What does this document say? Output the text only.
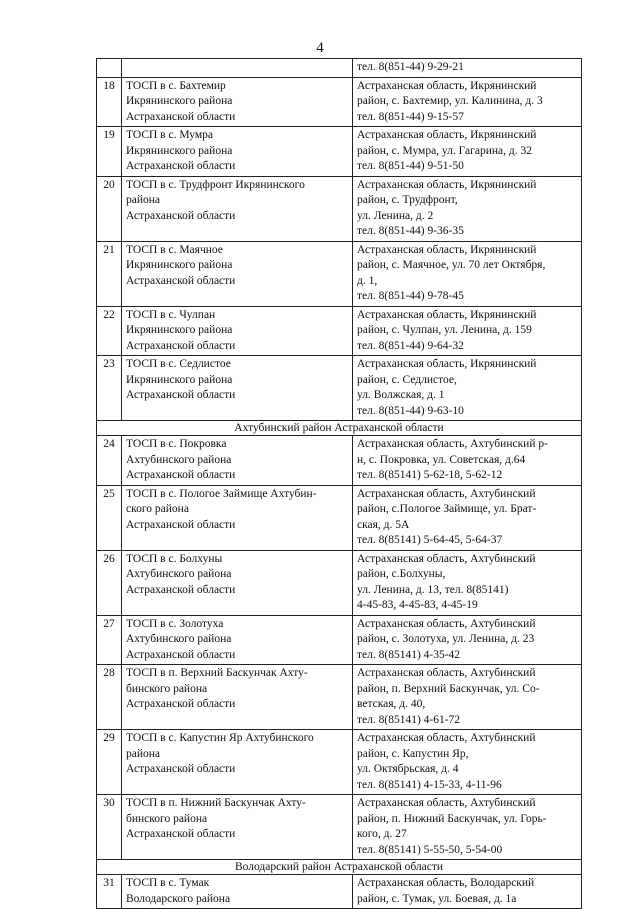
4

		тел. 8(851-44) 9-29-21

18	ТОСП в с. Бахтемир
Икрянинского района
Астраханской области	Астраханская область, Икрянинский
район, с. Бахтемир, ул. Калинина, д. 3
тел. 8(851-44) 9-15-57

19	ТОСП в с. Мумра
Икрянинского района
Астраханской области	Астраханская область, Икрянинский
район, с. Мумра, ул. Гагарина, д. 32
тел. 8(851-44) 9-51-50

20	ТОСП в с. Трудфронт Икрянинского
района
Астраханской области	Астраханская область, Икрянинский
район, с. Трудфронт,
ул. Ленина, д. 2
тел. 8(851-44) 9-36-35

21	ТОСП в с. Маячное
Икрянинского района
Астраханской области	Астраханская область, Икрянинский
район, с. Маячное, ул. 70 лет Октября,
д. 1,
тел. 8(851-44) 9-78-45

22	ТОСП в с. Чулпан
Икрянинского района
Астраханской области	Астраханская область, Икрянинский
район, с. Чулпан, ул. Ленина, д. 159
тел. 8(851-44) 9-64-32

23	ТОСП в с. Седлистое
Икрянинского района
Астраханской области	Астраханская область, Икрянинский
район, с. Седлистое,
ул. Волжская, д. 1
тел. 8(851-44) 9-63-10

Ахтубинский район Астраханской области		
24	ТОСП в с. Покровка
Ахтубинского района
Астраханской области	Астраханская область, Ахтубинский р-
н, с. Покровка, ул. Советская, д.64
тел. 8(85141) 5-62-18, 5-62-12

25	ТОСП в с. Пологое Займище Ахтубин-
ского района
Астраханской области	Астраханская область, Ахтубинский
район, с.Пологое Займище, ул. Брат-
ская, д. 5А
тел. 8(85141) 5-64-45, 5-64-37

26	ТОСП в с. Болхуны
Ахтубинского района
Астраханской области	Астраханская область, Ахтубинский
район, с.Болхуны,
ул. Ленина, д. 13, тел. 8(85141)
4-45-83, 4-45-83, 4-45-19

27	ТОСП в с. Золотуха
Ахтубинского района
Астраханской области	Астраханская область, Ахтубинский
район, с. Золотуха, ул. Ленина, д. 23
тел. 8(85141) 4-35-42

28	ТОСП в п. Верхний Баскунчак Ахту-
бинского района
Астраханской области	Астраханская область, Ахтубинский
район, п. Верхний Баскунчак, ул. Со-
ветская, д. 40,
тел. 8(85141) 4-61-72

29	ТОСП в с. Капустин Яр Ахтубинского
района
Астраханской области	Астраханская область, Ахтубинский
район, с. Капустин Яр,
ул. Октябрьская, д. 4
тел. 8(85141) 4-15-33, 4-11-96

30	ТОСП в п. Нижний Баскунчак Ахту-
бинского района
Астраханской области	Астраханская область, Ахтубинский
район, п. Нижний Баскунчак, ул. Горь-
кого, д. 27
тел. 8(85141) 5-55-50, 5-54-00

Володарский район Астраханской области		
31	ТОСП в с. Тумак
Володарского района	Астраханская область, Володарский
район, с. Тумак, ул. Боевая, д. 1а
